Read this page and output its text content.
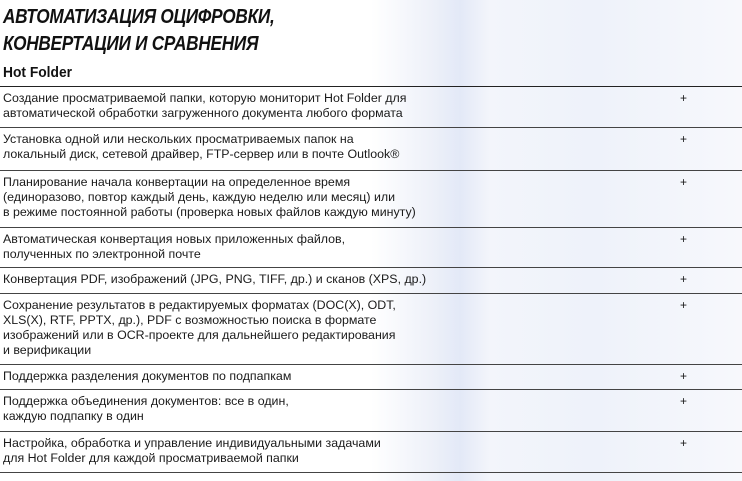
АВТОМАТИЗАЦИЯ ОЦИФРОВКИ,
КОНВЕРТАЦИИ И СРАВНЕНИЯ
Hot Folder
Создание просматриваемой папки, которую мониторит Hot Folder для
автоматической обработки загруженного документа любого формата
+
Установка одной или нескольких просматриваемых папок на
локальный диск, сетевой драйвер, FTP-сервер или в почте Outlook®
+
Планирование начала конвертации на определенное время
(единоразово, повтор каждый день, каждую неделю или месяц) или
в режиме постоянной работы (проверка новых файлов каждую минуту)
+
Автоматическая конвертация новых приложенных файлов,
полученных по электронной почте
+
Конвертация PDF, изображений (JPG, PNG, TIFF, др.) и сканов (XPS, др.)	+
Сохранение результатов в редактируемых форматах (DOC(X), ODT,
XLS(X), RTF, PPTX, др.), PDF с возможностью поиска в формате
изображений или в OCR-проекте для дальнейшего редактирования
и верификации
+
Поддержка разделения документов по подпапкам	+
Поддержка объединения документов: все в один,
каждую подпапку в один
+
Настройка, обработка и управление индивидуальными задачами
для Hot Folder для каждой просматриваемой папки
+
